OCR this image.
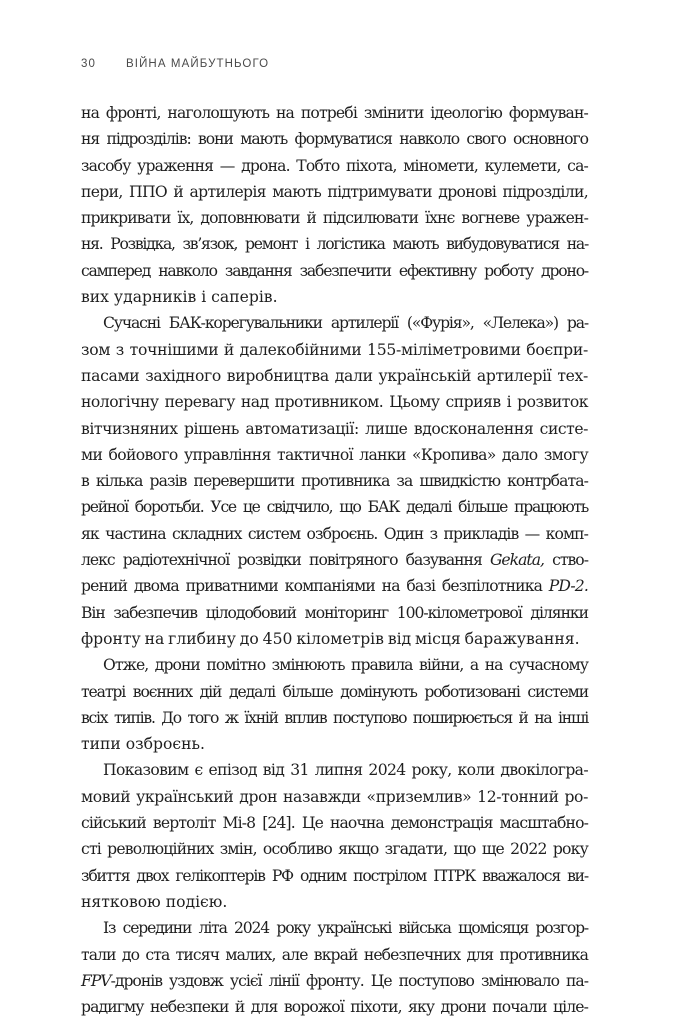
30	ВІЙНА МАЙБУТНЬОГО

на фронті, наголошують на потребі змінити ідеологію формуван-
ня підрозділів: вони мають формуватися навколо свого основного
засобу ураження — дрона. Тобто піхота, міномети, кулемети, са-
пери, ППО й артилерія мають підтримувати дронові підрозділи,
прикривати їх, доповнювати й підсилювати їхнє вогневе уражен-
ня. Розвідка, зв’язок, ремонт і логістика мають вибудовуватися на-
самперед навколо завдання забезпечити ефективну роботу дроно-
вих ударників і саперів.

Сучасні БАК-корегувальники артилерії («Фурія», «Лелека») ра-
зом з точнішими й далекобійними 155-міліметровими боєпри-
пасами західного виробництва дали українській артилерії тех-
нологічну перевагу над противником. Цьому сприяв і розвиток
вітчизняних рішень автоматизації: лише вдосконалення систе-
ми бойового управління тактичної ланки «Кропива» дало змогу
в кілька разів перевершити противника за швидкістю контрбата-
рейної боротьби. Усе це свідчило, що БАК дедалі більше працюють
як частина складних систем озброєнь. Один з прикладів — комп-
лекс радіотехнічної розвідки повітряного базування Gekata, ство-
рений двома приватними компаніями на базі безпілотника PD-2.
Він забезпечив цілодобовий моніторинг 100-кілометрової ділянки
фронту на глибину до 450 кілометрів від місця баражування.

Отже, дрони помітно змінюють правила війни, а на сучасному
театрі воєнних дій дедалі більше домінують роботизовані системи
всіх типів. До того ж їхній вплив поступово поширюється й на інші
типи озброєнь.

Показовим є епізод від 31 липня 2024 року, коли двокілогра-
мовий український дрон назавжди «приземлив» 12-тонний ро-
сійський вертоліт Мі-8 [24]. Це наочна демонстрація масштабно-
сті революційних змін, особливо якщо згадати, що ще 2022 року
збиття двох гелікоптерів РФ одним пострілом ПТРК вважалося ви-
нятковою подією.

Із середини літа 2024 року українські війська щомісяця розгор-
тали до ста тисяч малих, але вкрай небезпечних для противника
FPV-дронів уздовж усієї лінії фронту. Це поступово змінювало па-
радигму небезпеки й для ворожої піхоти, яку дрони почали ціле-
